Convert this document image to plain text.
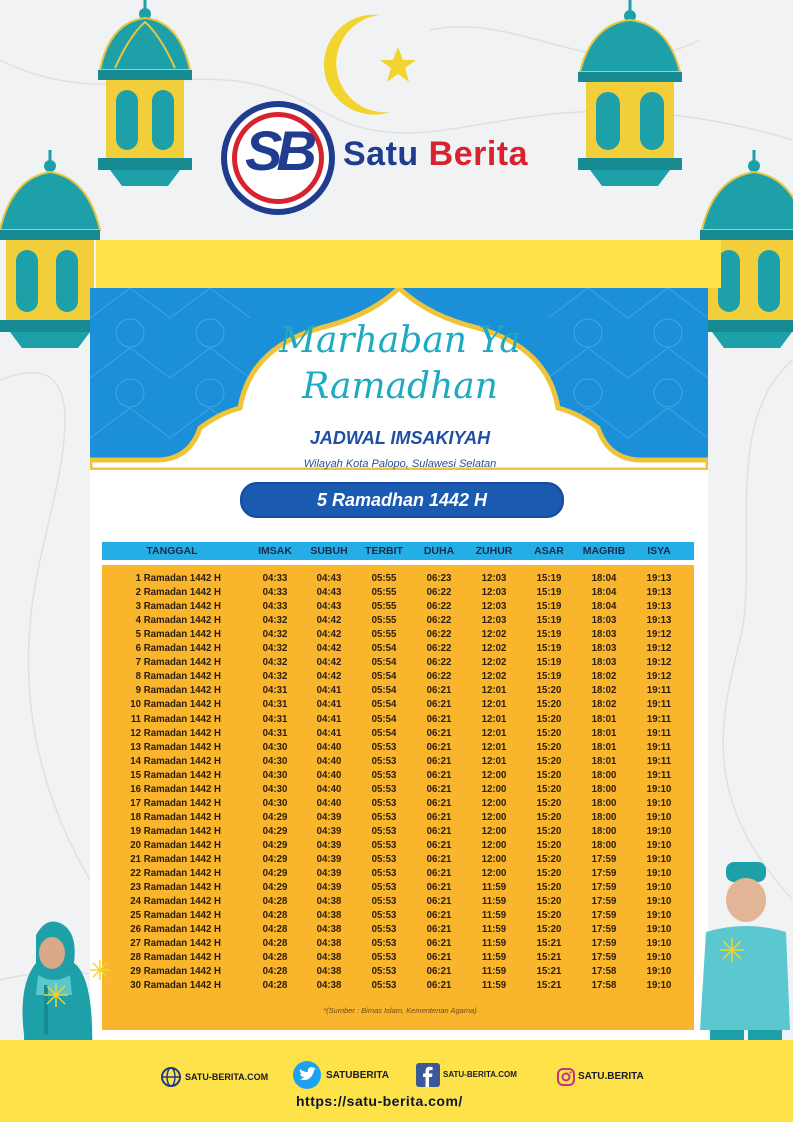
SB Satu Berita
Marhaban Ya
Ramadhan
JADWAL IMSAKIYAH
Wilayah Kota Palopo, Sulawesi Selatan
5 Ramadhan 1442 H
TANGGAL	IMSAK	SUBUH	TERBIT	DUHA	ZUHUR	ASAR	MAGRIB	ISYA
1 Ramadan 1442 H	04:33	04:43	05:55	06:23	12:03	15:19	18:04	19:13
2 Ramadan 1442 H	04:33	04:43	05:55	06:22	12:03	15:19	18:04	19:13
3 Ramadan 1442 H	04:33	04:43	05:55	06:22	12:03	15:19	18:04	19:13
4 Ramadan 1442 H	04:32	04:42	05:55	06:22	12:03	15:19	18:03	19:13
5 Ramadan 1442 H	04:32	04:42	05:55	06:22	12:02	15:19	18:03	19:12
6 Ramadan 1442 H	04:32	04:42	05:54	06:22	12:02	15:19	18:03	19:12
7 Ramadan 1442 H	04:32	04:42	05:54	06:22	12:02	15:19	18:03	19:12
8 Ramadan 1442 H	04:32	04:42	05:54	06:22	12:02	15:19	18:02	19:12
9 Ramadan 1442 H	04:31	04:41	05:54	06:21	12:01	15:20	18:02	19:11
10 Ramadan 1442 H	04:31	04:41	05:54	06:21	12:01	15:20	18:02	19:11
11 Ramadan 1442 H	04:31	04:41	05:54	06:21	12:01	15:20	18:01	19:11
12 Ramadan 1442 H	04:31	04:41	05:54	06:21	12:01	15:20	18:01	19:11
13 Ramadan 1442 H	04:30	04:40	05:53	06:21	12:01	15:20	18:01	19:11
14 Ramadan 1442 H	04:30	04:40	05:53	06:21	12:01	15:20	18:01	19:11
15 Ramadan 1442 H	04:30	04:40	05:53	06:21	12:00	15:20	18:00	19:11
16 Ramadan 1442 H	04:30	04:40	05:53	06:21	12:00	15:20	18:00	19:10
17 Ramadan 1442 H	04:30	04:40	05:53	06:21	12:00	15:20	18:00	19:10
18 Ramadan 1442 H	04:29	04:39	05:53	06:21	12:00	15:20	18:00	19:10
19 Ramadan 1442 H	04:29	04:39	05:53	06:21	12:00	15:20	18:00	19:10
20 Ramadan 1442 H	04:29	04:39	05:53	06:21	12:00	15:20	18:00	19:10
21 Ramadan 1442 H	04:29	04:39	05:53	06:21	12:00	15:20	17:59	19:10
22 Ramadan 1442 H	04:29	04:39	05:53	06:21	12:00	15:20	17:59	19:10
23 Ramadan 1442 H	04:29	04:39	05:53	06:21	11:59	15:20	17:59	19:10
24 Ramadan 1442 H	04:28	04:38	05:53	06:21	11:59	15:20	17:59	19:10
25 Ramadan 1442 H	04:28	04:38	05:53	06:21	11:59	15:20	17:59	19:10
26 Ramadan 1442 H	04:28	04:38	05:53	06:21	11:59	15:20	17:59	19:10
27 Ramadan 1442 H	04:28	04:38	05:53	06:21	11:59	15:21	17:59	19:10
28 Ramadan 1442 H	04:28	04:38	05:53	06:21	11:59	15:21	17:59	19:10
29 Ramadan 1442 H	04:28	04:38	05:53	06:21	11:59	15:21	17:58	19:10
30 Ramadan 1442 H	04:28	04:38	05:53	06:21	11:59	15:21	17:58	19:10
*(Sumber : Bimas Islam, Kementerian Agama)
SATU-BERITA.COM	SATUBERITA	SATU-BERITA.COM	SATU.BERITA
https://satu-berita.com/
